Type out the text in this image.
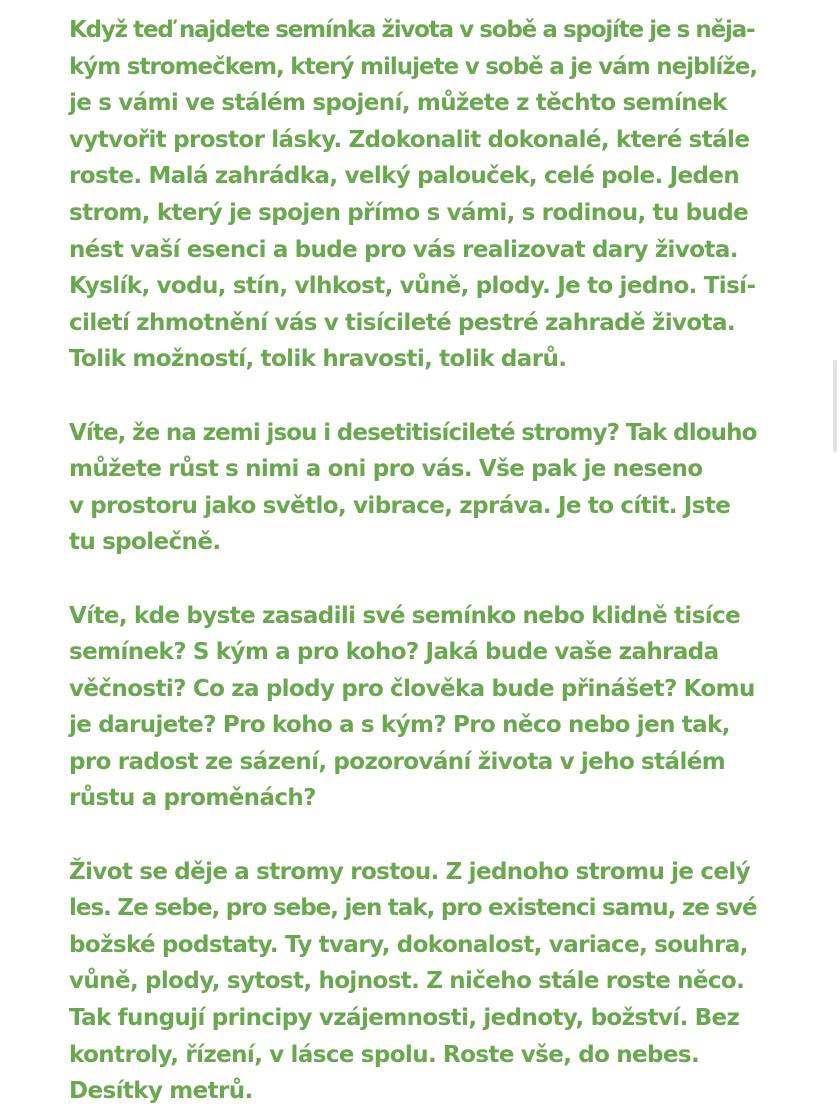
Když teď najdete semínka života v sobě a spojíte je s něja-
kým stromečkem, který milujete v sobě a je vám nejblíže,
je s vámi ve stálém spojení, můžete z těchto semínek
vytvořit prostor lásky. Zdokonalit dokonalé, které stále
roste. Malá zahrádka, velký palouček, celé pole. Jeden
strom, který je spojen přímo s vámi, s rodinou, tu bude
nést vaší esenci a bude pro vás realizovat dary života.
Kyslík, vodu, stín, vlhkost, vůně, plody. Je to jedno. Tisí-
ciletí zhmotnění vás v tisícileté pestré zahradě života.
Tolik možností, tolik hravosti, tolik darů.
Víte, že na zemi jsou i desetitisícileté stromy? Tak dlouho
můžete růst s nimi a oni pro vás. Vše pak je neseno
v prostoru jako světlo, vibrace, zpráva. Je to cítit. Jste
tu společně.
Víte, kde byste zasadili své semínko nebo klidně tisíce
semínek? S kým a pro koho? Jaká bude vaše zahrada
věčnosti? Co za plody pro člověka bude přinášet? Komu
je darujete? Pro koho a s kým? Pro něco nebo jen tak,
pro radost ze sázení, pozorování života v jeho stálém
růstu a proměnách?
Život se děje a stromy rostou. Z jednoho stromu je celý
les. Ze sebe, pro sebe, jen tak, pro existenci samu, ze své
božské podstaty. Ty tvary, dokonalost, variace, souhra,
vůně, plody, sytost, hojnost. Z ničeho stále roste něco.
Tak fungují principy vzájemnosti, jednoty, božství. Bez
kontroly, řízení, v lásce spolu. Roste vše, do nebes.
Desítky metrů.
